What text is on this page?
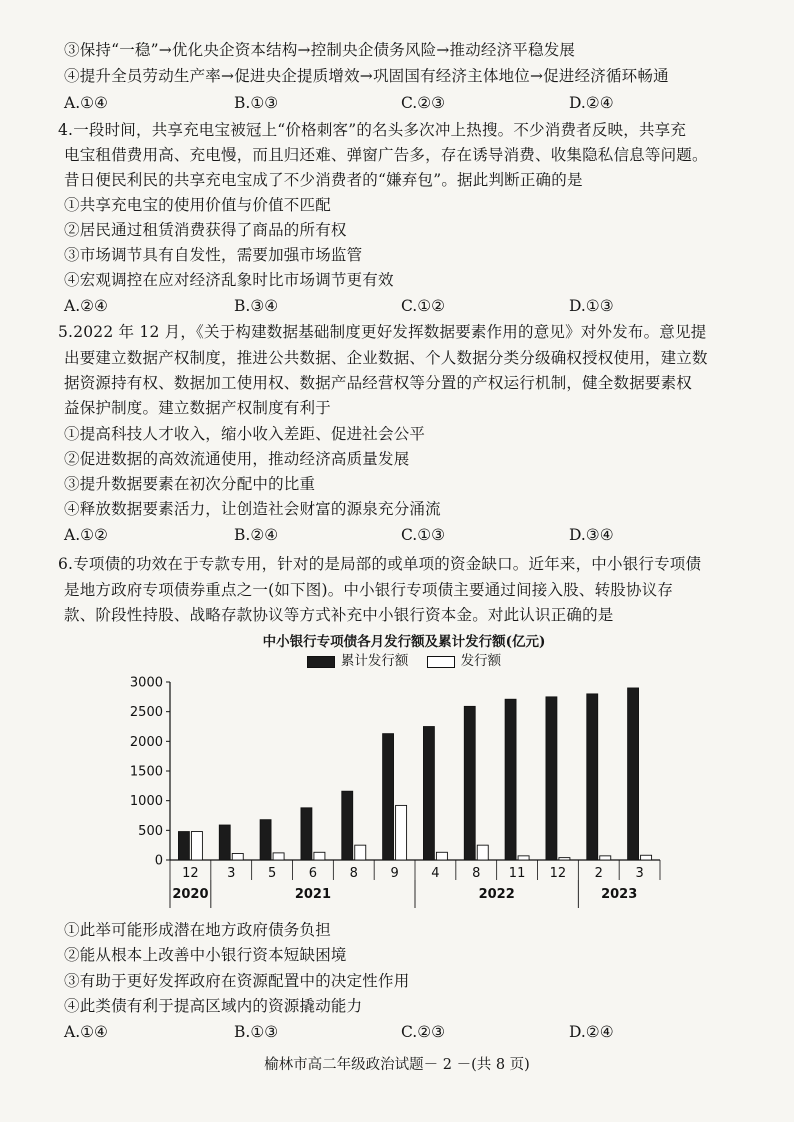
③保持“一稳”→优化央企资本结构→控制央企债务风险→推动经济平稳发展
④提升全员劳动生产率→促进央企提质增效→巩固国有经济主体地位→促进经济循环畅通
A.①④	B.①③	C.②③	D.②④
4.一段时间，共享充电宝被冠上“价格刺客”的名头多次冲上热搜。不少消费者反映，共享充
电宝租借费用高、充电慢，而且归还难、弹窗广告多，存在诱导消费、收集隐私信息等问题。
昔日便民利民的共享充电宝成了不少消费者的“嫌弃包”。据此判断正确的是
①共享充电宝的使用价值与价值不匹配
②居民通过租赁消费获得了商品的所有权
③市场调节具有自发性，需要加强市场监管
④宏观调控在应对经济乱象时比市场调节更有效
A.②④	B.③④	C.①②	D.①③
5.2022 年 12 月，《关于构建数据基础制度更好发挥数据要素作用的意见》对外发布。意见提
出要建立数据产权制度，推进公共数据、企业数据、个人数据分类分级确权授权使用，建立数
据资源持有权、数据加工使用权、数据产品经营权等分置的产权运行机制，健全数据要素权
益保护制度。建立数据产权制度有利于
①提高科技人才收入，缩小收入差距、促进社会公平
②促进数据的高效流通使用，推动经济高质量发展
③提升数据要素在初次分配中的比重
④释放数据要素活力，让创造社会财富的源泉充分涌流
A.①②	B.②④	C.①③	D.③④
6.专项债的功效在于专款专用，针对的是局部的或单项的资金缺口。近年来，中小银行专项债
是地方政府专项债券重点之一(如下图)。中小银行专项债主要通过间接入股、转股协议存
款、阶段性持股、战略存款协议等方式补充中小银行资本金。对此认识正确的是
中小银行专项债各月发行额及累计发行额(亿元)
累计发行额	发行额
0
500
1000
1500
2000
2500
3000
12 3	5	6	8	9	4	8 11 12 2	3
2020	2021	2022	2023
①此举可能形成潜在地方政府债务负担
②能从根本上改善中小银行资本短缺困境
③有助于更好发挥政府在资源配置中的决定性作用
④此类债有利于提高区域内的资源撬动能力
A.①④	B.①③	C.②③	D.②④
榆林市高二年级政治试题－ 2 －(共 8 页)
